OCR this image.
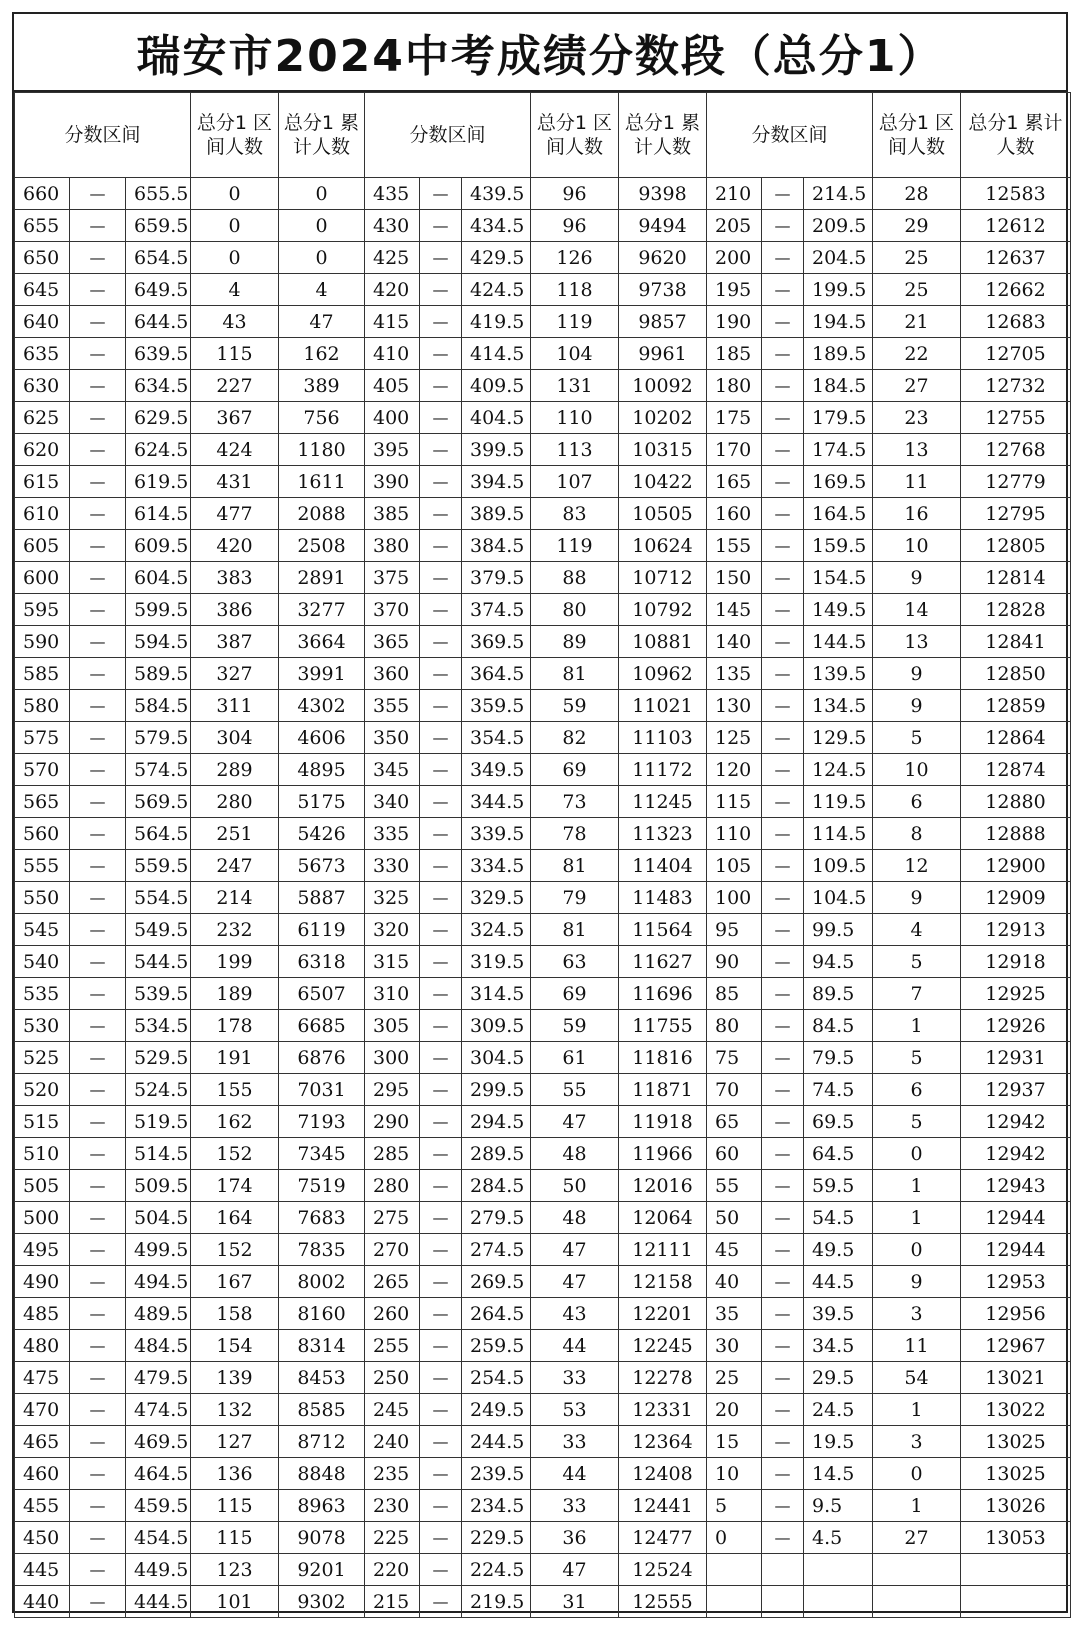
瑞安市2024中考成绩分数段（总分1）
分数区间			总分1 区间人数	总分1 累计人数	分数区间			总分1 区间人数	总分1 累计人数	分数区间			总分1 区间人数	总分1 累计人数
660	—	655.5	0	0	435	—	439.5	96	9398	210	—	214.5	28	12583
655	—	659.5	0	0	430	—	434.5	96	9494	205	—	209.5	29	12612
650	—	654.5	0	0	425	—	429.5	126	9620	200	—	204.5	25	12637
645	—	649.5	4	4	420	—	424.5	118	9738	195	—	199.5	25	12662
640	—	644.5	43	47	415	—	419.5	119	9857	190	—	194.5	21	12683
635	—	639.5	115	162	410	—	414.5	104	9961	185	—	189.5	22	12705
630	—	634.5	227	389	405	—	409.5	131	10092	180	—	184.5	27	12732
625	—	629.5	367	756	400	—	404.5	110	10202	175	—	179.5	23	12755
620	—	624.5	424	1180	395	—	399.5	113	10315	170	—	174.5	13	12768
615	—	619.5	431	1611	390	—	394.5	107	10422	165	—	169.5	11	12779
610	—	614.5	477	2088	385	—	389.5	83	10505	160	—	164.5	16	12795
605	—	609.5	420	2508	380	—	384.5	119	10624	155	—	159.5	10	12805
600	—	604.5	383	2891	375	—	379.5	88	10712	150	—	154.5	9	12814
595	—	599.5	386	3277	370	—	374.5	80	10792	145	—	149.5	14	12828
590	—	594.5	387	3664	365	—	369.5	89	10881	140	—	144.5	13	12841
585	—	589.5	327	3991	360	—	364.5	81	10962	135	—	139.5	9	12850
580	—	584.5	311	4302	355	—	359.5	59	11021	130	—	134.5	9	12859
575	—	579.5	304	4606	350	—	354.5	82	11103	125	—	129.5	5	12864
570	—	574.5	289	4895	345	—	349.5	69	11172	120	—	124.5	10	12874
565	—	569.5	280	5175	340	—	344.5	73	11245	115	—	119.5	6	12880
560	—	564.5	251	5426	335	—	339.5	78	11323	110	—	114.5	8	12888
555	—	559.5	247	5673	330	—	334.5	81	11404	105	—	109.5	12	12900
550	—	554.5	214	5887	325	—	329.5	79	11483	100	—	104.5	9	12909
545	—	549.5	232	6119	320	—	324.5	81	11564	95	—	99.5	4	12913
540	—	544.5	199	6318	315	—	319.5	63	11627	90	—	94.5	5	12918
535	—	539.5	189	6507	310	—	314.5	69	11696	85	—	89.5	7	12925
530	—	534.5	178	6685	305	—	309.5	59	11755	80	—	84.5	1	12926
525	—	529.5	191	6876	300	—	304.5	61	11816	75	—	79.5	5	12931
520	—	524.5	155	7031	295	—	299.5	55	11871	70	—	74.5	6	12937
515	—	519.5	162	7193	290	—	294.5	47	11918	65	—	69.5	5	12942
510	—	514.5	152	7345	285	—	289.5	48	11966	60	—	64.5	0	12942
505	—	509.5	174	7519	280	—	284.5	50	12016	55	—	59.5	1	12943
500	—	504.5	164	7683	275	—	279.5	48	12064	50	—	54.5	1	12944
495	—	499.5	152	7835	270	—	274.5	47	12111	45	—	49.5	0	12944
490	—	494.5	167	8002	265	—	269.5	47	12158	40	—	44.5	9	12953
485	—	489.5	158	8160	260	—	264.5	43	12201	35	—	39.5	3	12956
480	—	484.5	154	8314	255	—	259.5	44	12245	30	—	34.5	11	12967
475	—	479.5	139	8453	250	—	254.5	33	12278	25	—	29.5	54	13021
470	—	474.5	132	8585	245	—	249.5	53	12331	20	—	24.5	1	13022
465	—	469.5	127	8712	240	—	244.5	33	12364	15	—	19.5	3	13025
460	—	464.5	136	8848	235	—	239.5	44	12408	10	—	14.5	0	13025
455	—	459.5	115	8963	230	—	234.5	33	12441	5	—	9.5	1	13026
450	—	454.5	115	9078	225	—	229.5	36	12477	0	—	4.5	27	13053
445	—	449.5	123	9201	220	—	224.5	47	12524					
440	—	444.5	101	9302	215	—	219.5	31	12555					
